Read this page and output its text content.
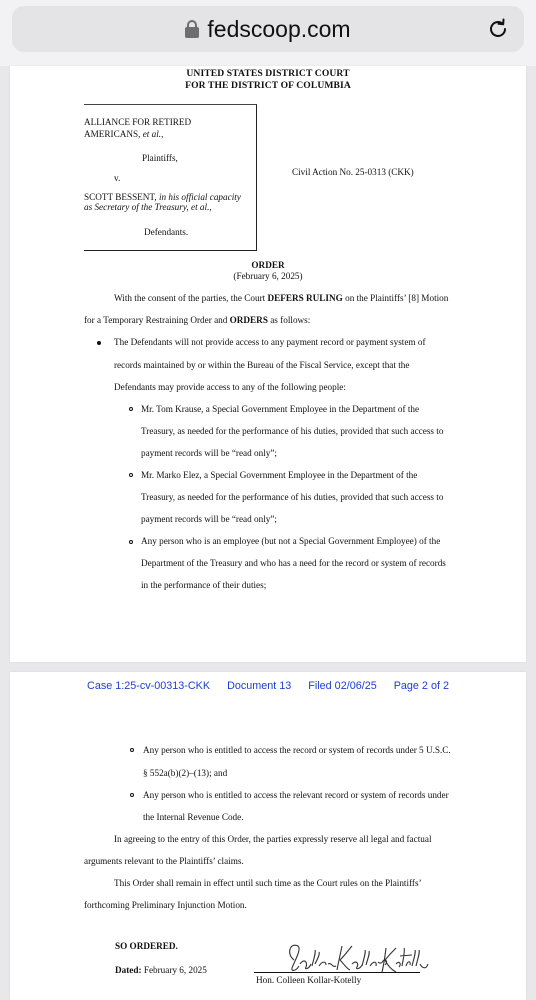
fedscoop.com

UNITED STATES DISTRICT COURT

FOR THE DISTRICT OF COLUMBIA

ALLIANCE FOR RETIRED

AMERICANS, et al.,

Plaintiffs,

v.

SCOTT BESSENT, in his official capacity

as Secretary of the Treasury, et al.,

Defendants.

Civil Action No. 25-0313 (CKK)

ORDER

(February 6, 2025)

With the consent of the parties, the Court DEFERS RULING on the Plaintiffs’ [8] Motion

for a Temporary Restraining Order and ORDERS as follows:

The Defendants will not provide access to any payment record or payment system of

records maintained by or within the Bureau of the Fiscal Service, except that the

Defendants may provide access to any of the following people:

Mr. Tom Krause, a Special Government Employee in the Department of the

Treasury, as needed for the performance of his duties, provided that such access to

payment records will be “read only”;

Mr. Marko Elez, a Special Government Employee in the Department of the

Treasury, as needed for the performance of his duties, provided that such access to

payment records will be “read only”;

Any person who is an employee (but not a Special Government Employee) of the

Department of the Treasury and who has a need for the record or system of records

in the performance of their duties;

Case 1:25-cv-00313-CKK Document 13 Filed 02/06/25 Page 2 of 2

Any person who is entitled to access the record or system of records under 5 U.S.C.

§ 552a(b)(2)–(13); and

Any person who is entitled to access the relevant record or system of records under

the Internal Revenue Code.

In agreeing to the entry of this Order, the parties expressly reserve all legal and factual

arguments relevant to the Plaintiffs’ claims.

This Order shall remain in effect until such time as the Court rules on the Plaintiffs’

forthcoming Preliminary Injunction Motion.

SO ORDERED.

Dated: February 6, 2025

Hon. Colleen Kollar-Kotelly
